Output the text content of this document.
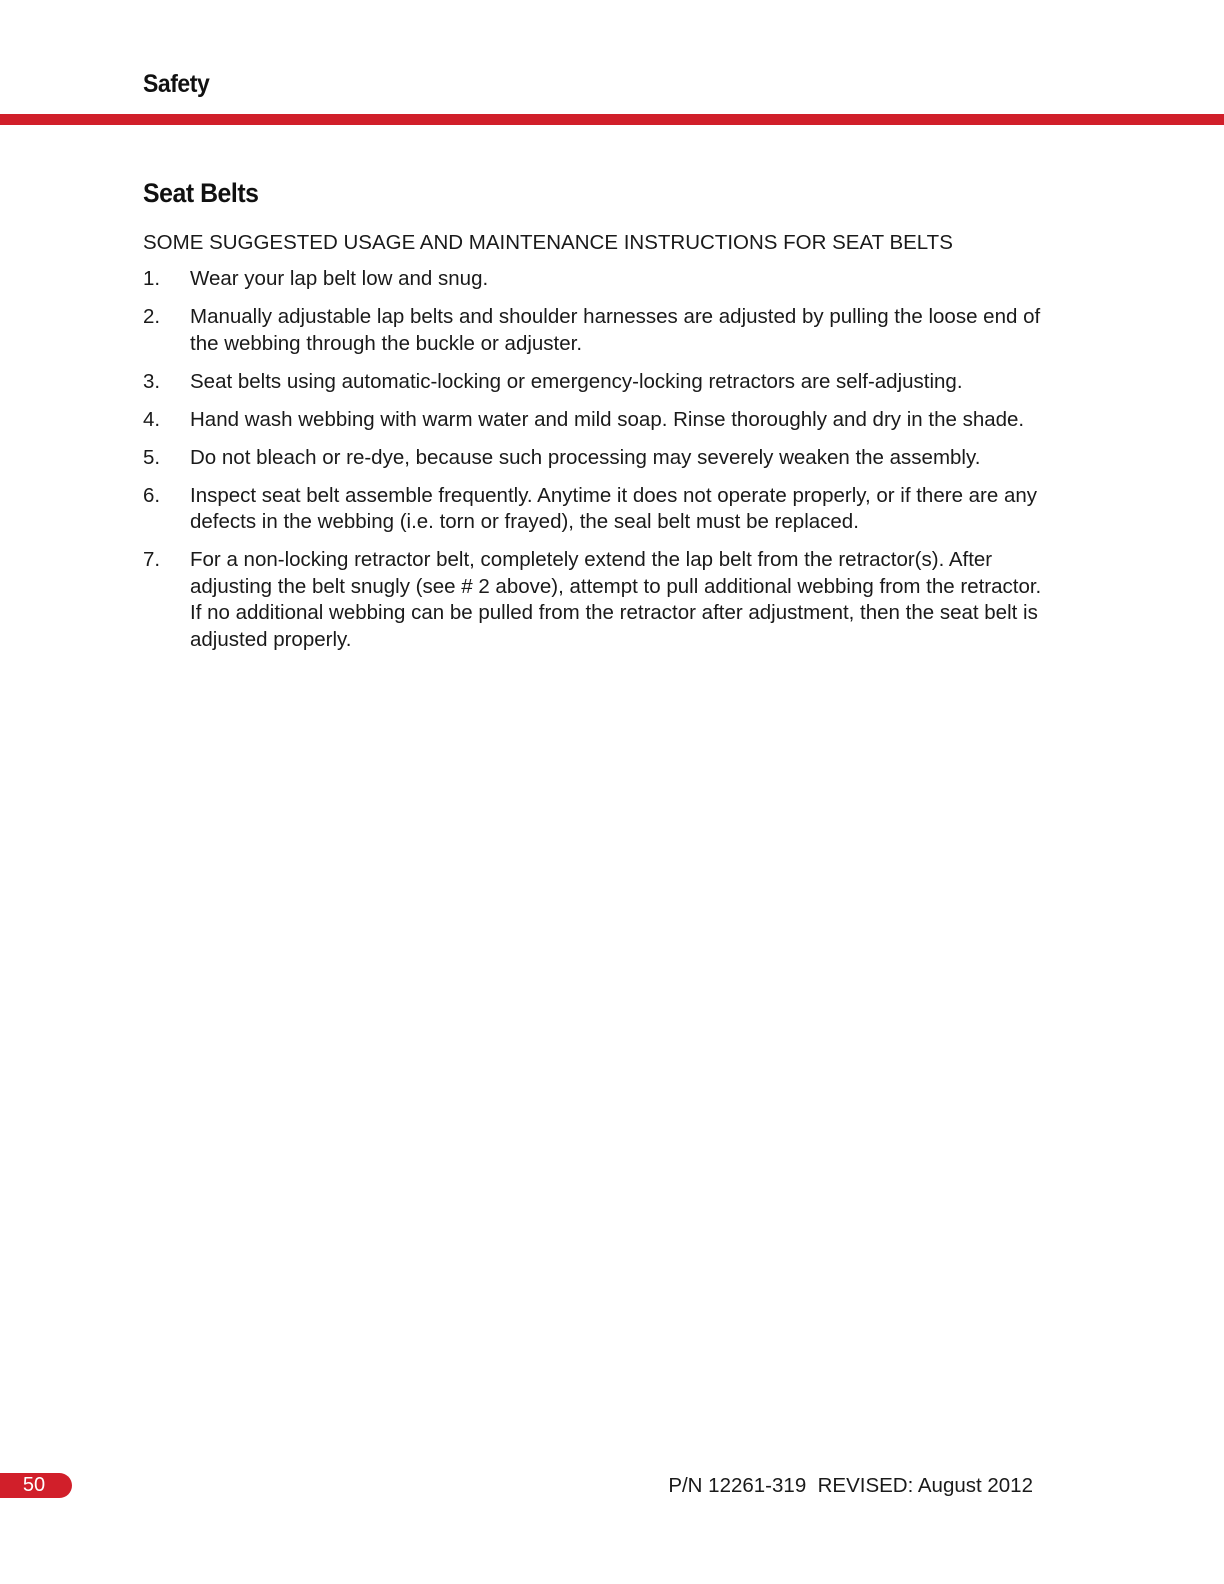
Safety
Seat Belts
SOME SUGGESTED USAGE AND MAINTENANCE INSTRUCTIONS FOR SEAT BELTS
1.	Wear your lap belt low and snug.
2.	Manually adjustable lap belts and shoulder harnesses are adjusted by pulling the loose end of the webbing through the buckle or adjuster.
3.	Seat belts using automatic-locking or emergency-locking retractors are self-adjusting.
4.	Hand wash webbing with warm water and mild soap. Rinse thoroughly and dry in the shade.
5.	Do not bleach or re-dye, because such processing may severely weaken the assembly.
6.	Inspect seat belt assemble frequently. Anytime it does not operate properly, or if there are any defects in the webbing (i.e. torn or frayed), the seal belt must be replaced.
7.	For a non-locking retractor belt, completely extend the lap belt from the retractor(s). After adjusting the belt snugly (see # 2 above), attempt to pull additional webbing from the retractor. If no additional webbing can be pulled from the retractor after adjustment, then the seat belt is adjusted properly.
50	P/N 12261-319  REVISED: August 2012
